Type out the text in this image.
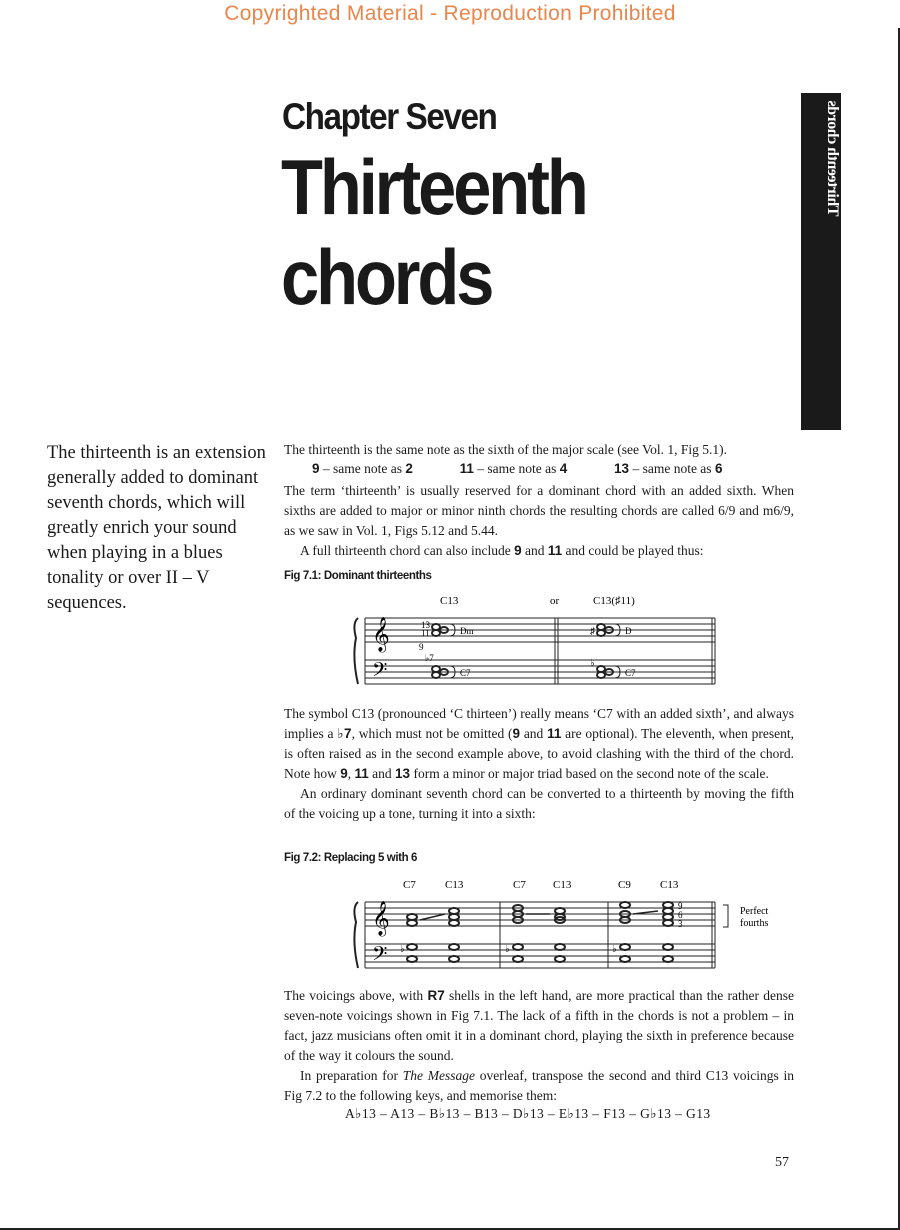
Copyrighted Material - Reproduction Prohibited
Chapter Seven
Thirteenth
chords
Thirteenth chords
The thirteenth is an extension generally added to dominant seventh chords, which will greatly enrich your sound when playing in a blues tonality or over II – V sequences.

The thirteenth is the same note as the sixth of the major scale (see Vol. 1, Fig 5.1).

9 – same note as 2	11 – same note as 4	13 – same note as 6

The term ‘thirteenth’ is usually reserved for a dominant chord with an added sixth. When sixths are added to major or minor ninth chords the resulting chords are called 6/9 and m6/9, as we saw in Vol. 1, Figs 5.12 and 5.44.

A full thirteenth chord can also include 9 and 11 and could be played thus:

Fig 7.1: Dominant thirteenths
C13	or	C13(♯11)
𝄞
𝄢
13
11
9
♭7
Dm
C7
♯
♭
D
C7

The symbol C13 (pronounced ‘C thirteen’) really means ‘C7 with an added sixth’, and always implies a ♭7, which must not be omitted (9 and 11 are optional). The eleventh, when present, is often raised as in the second example above, to avoid clashing with the third of the chord. Note how 9, 11 and 13 form a minor or major triad based on the second note of the scale.

An ordinary dominant seventh chord can be converted to a thirteenth by moving the fifth of the voicing up a tone, turning it into a sixth:

Fig 7.2: Replacing 5 with 6
C7	C13	C7 C13	C9	C13
𝄞
𝄢 ♭	♭	♭
9
6
3
Perfect
fourths

The voicings above, with R7 shells in the left hand, are more practical than the rather dense seven-note voicings shown in Fig 7.1. The lack of a fifth in the chords is not a problem – in fact, jazz musicians often omit it in a dominant chord, playing the sixth in preference because of the way it colours the sound.

In preparation for The Message overleaf, transpose the second and third C13 voicings in Fig 7.2 to the following keys, and memorise them:

A♭13 – A13 – B♭13 – B13 – D♭13 – E♭13 – F13 – G♭13 – G13
57
